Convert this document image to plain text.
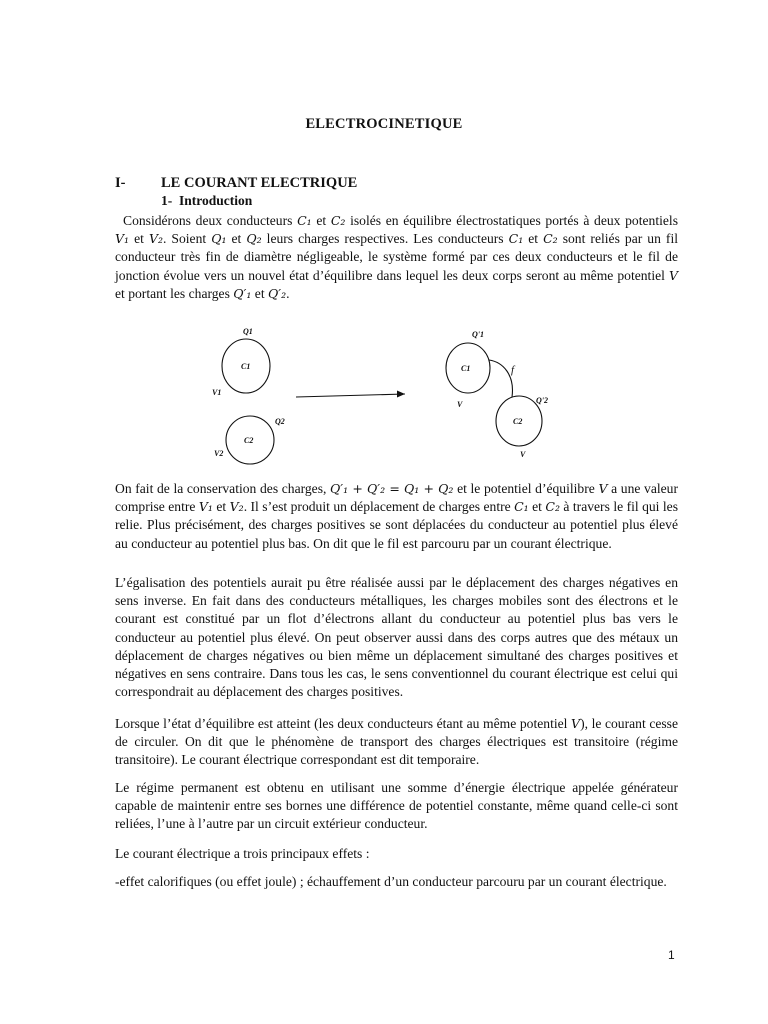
ELECTROCINETIQUE
I- LE COURANT ELECTRIQUE
1- Introduction

Considérons deux conducteurs C₁ et C₂ isolés en équilibre électrostatiques portés à deux potentiels V₁ et V₂. Soient Q₁ et Q₂ leurs charges respectives. Les conducteurs C₁ et C₂ sont reliés par un fil conducteur très fin de diamètre négligeable, le système formé par ces deux conducteurs et le fil de jonction évolue vers un nouvel état d’équilibre dans lequel les deux corps seront au même potentiel V et portant les charges Q′₁ et Q′₂.

Q1
C1
V1
Q2
C2
V2
Q'1
C1	f
V	Q'2
C2
V

On fait de la conservation des charges, Q′₁ + Q′₂ = Q₁ + Q₂ et le potentiel d’équilibre V a une valeur comprise entre V₁ et V₂. Il s’est produit un déplacement de charges entre C₁ et C₂ à travers le fil qui les relie. Plus précisément, des charges positives se sont déplacées du conducteur au potentiel plus élevé au conducteur au potentiel plus bas. On dit que le fil est parcouru par un courant électrique.

L’égalisation des potentiels aurait pu être réalisée aussi par le déplacement des charges négatives en sens inverse. En fait dans des conducteurs métalliques, les charges mobiles sont des électrons et le courant est constitué par un flot d’électrons allant du conducteur au potentiel plus bas vers le conducteur au potentiel plus élevé. On peut observer aussi dans des corps autres que des métaux un déplacement de charges négatives ou bien même un déplacement simultané des charges positives et négatives en sens contraire. Dans tous les cas, le sens conventionnel du courant électrique est celui qui correspondrait au déplacement des charges positives.

Lorsque l’état d’équilibre est atteint (les deux conducteurs étant au même potentiel V), le courant cesse de circuler. On dit que le phénomène de transport des charges électriques est transitoire (régime transitoire). Le courant électrique correspondant est dit temporaire.

Le régime permanent est obtenu en utilisant une somme d’énergie électrique appelée générateur capable de maintenir entre ses bornes une différence de potentiel constante, même quand celle-ci sont reliées, l’une à l’autre par un circuit extérieur conducteur.

Le courant électrique a trois principaux effets :

-effet calorifiques (ou effet joule) ; échauffement d’un conducteur parcouru par un courant électrique.

1
